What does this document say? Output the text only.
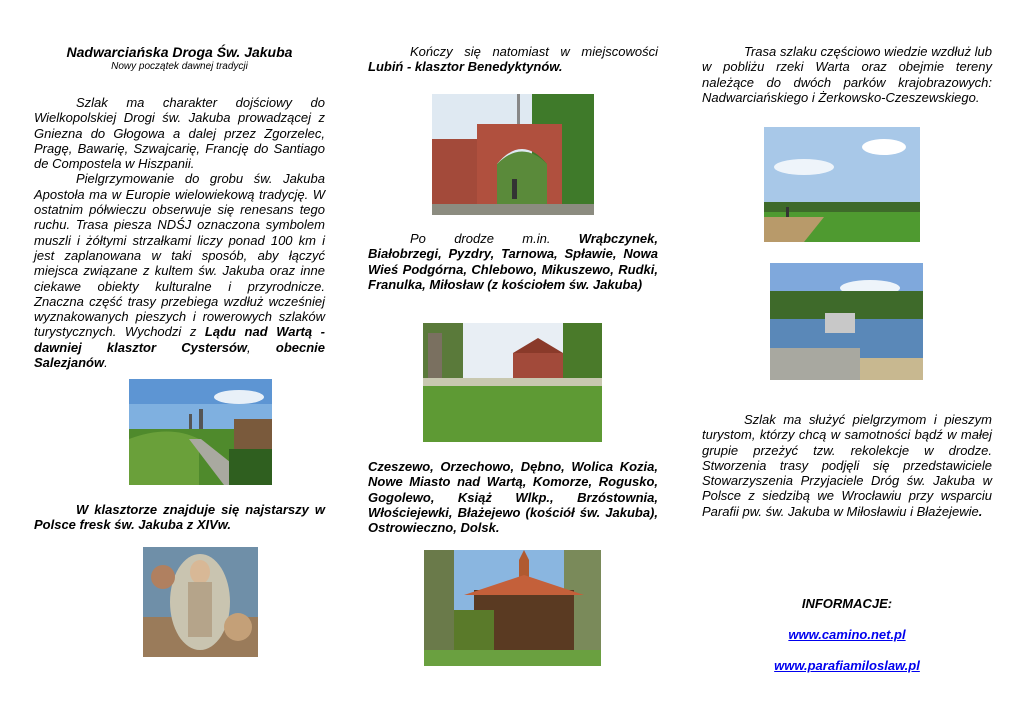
Nadwarciańska Droga Św. Jakuba

Nowy początek dawnej tradycji

Szlak ma charakter dojściowy do Wielkopolskiej Drogi św. Jakuba prowadzącej z Gniezna do Głogowa a dalej przez Zgorzelec, Pragę, Bawarię, Szwajcarię, Francję do Santiago de Compostela w Hiszpanii.

Pielgrzymowanie do grobu św. Jakuba Apostoła ma w Europie wielowiekową tradycję. W ostatnim półwieczu obserwuje się renesans tego ruchu. Trasa piesza NDŚJ oznaczona symbolem muszli i żółtymi strzałkami liczy ponad 100 km i jest zaplanowana w taki sposób, aby łączyć miejsca związane z kultem św. Jakuba oraz inne ciekawe obiekty kulturalne i przyrodnicze. Znaczna część trasy przebiega wzdłuż wcześniej wyznakowanych pieszych i rowerowych szlaków turystycznych. Wychodzi z Lądu nad Wartą - dawniej klasztor Cystersów, obecnie Salezjanów.

W klasztorze znajduje się najstarszy w Polsce fresk św. Jakuba z XIVw.

Kończy się natomiast w miejscowości Lubiń - klasztor Benedyktynów.

Po drodze m.in. Wrąbczynek, Białobrzegi, Pyzdry, Tarnowa, Spławie, Nowa Wieś Podgórna, Chlebowo, Mikuszewo, Rudki, Franulka, Miłosław (z kościołem św. Jakuba)

Czeszewo, Orzechowo, Dębno, Wolica Kozia, Nowe Miasto nad Wartą, Komorze, Rogusko, Gogolewo, Książ Wlkp., Brzóstownia, Włościejewki, Błażejewo (kościół św. Jakuba), Ostrowieczno, Dolsk.

Trasa szlaku częściowo wiedzie wzdłuż lub w pobliżu rzeki Warta oraz obejmie tereny należące do dwóch parków krajobrazowych: Nadwarciańskiego i Żerkowsko-Czeszewskiego.

Szlak ma służyć pielgrzymom i pieszym turystom, którzy chcą w samotności bądź w małej grupie przeżyć tzw. rekolekcje w drodze. Stworzenia trasy podjęli się przedstawiciele Stowarzyszenia Przyjaciele Dróg św. Jakuba w Polsce z siedzibą we Wrocławiu przy wsparciu Parafii pw. św. Jakuba w Miłosławiu i Błażejewie.

INFORMACJE:
www.camino.net.pl
www.parafiamiloslaw.pl
